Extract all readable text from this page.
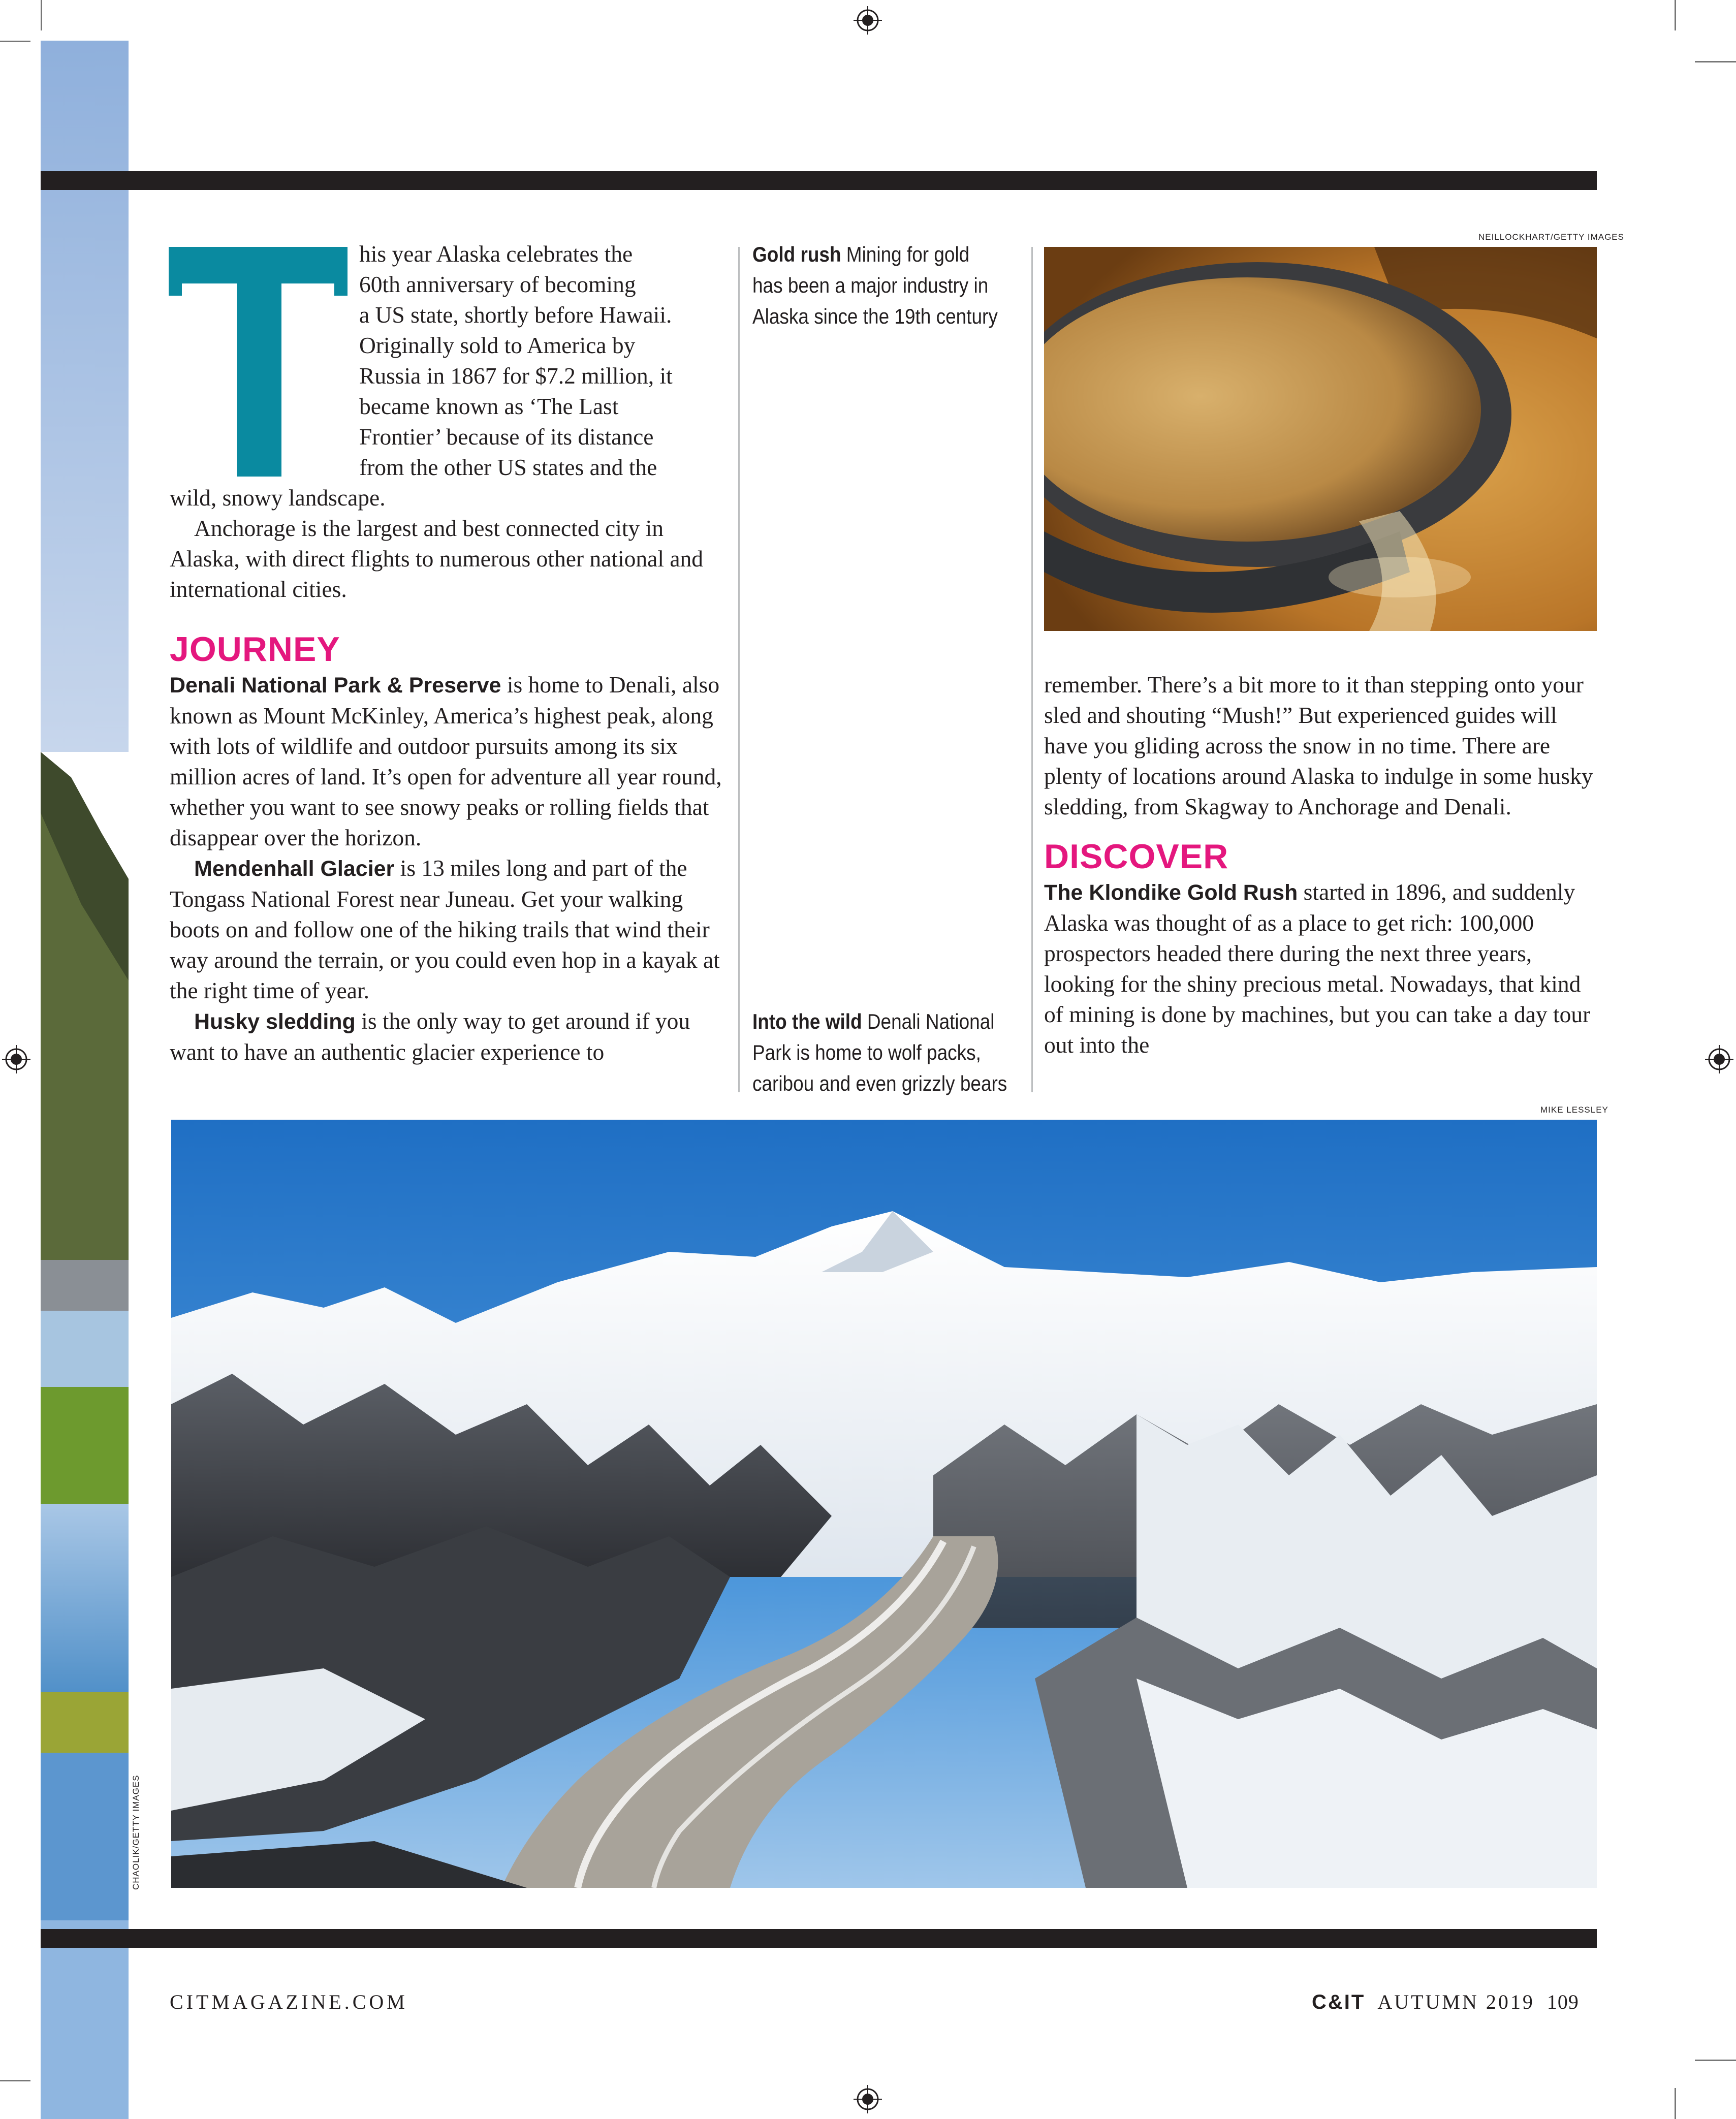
CHAOLIK/GETTY IMAGES

his year Alaska celebrates the

60th anniversary of becoming

a US state, shortly before Hawaii.

Originally sold to America by

Russia in 1867 for $7.2 million, it

became known as ‘The Last

Frontier’ because of its distance

from the other US states and the

wild, snowy landscape.

Anchorage is the largest and best connected city in Alaska, with direct flights to numerous other national and international cities.

JOURNEY

Denali National Park & Preserve is home to Denali, also known as Mount McKinley, America’s highest peak, along with lots of wildlife and outdoor pursuits among its six million acres of land. It’s open for adventure all year round, whether you want to see snowy peaks or rolling fields that disappear over the horizon.

Mendenhall Glacier is 13 miles long and part of the Tongass National Forest near Juneau. Get your walking boots on and follow one of the hiking trails that wind their way around the terrain, or you could even hop in a kayak at the right time of year.

Husky sledding is the only way to get around if you want to have an authentic glacier experience to

Gold rush Mining for gold
has been a major industry in
Alaska since the 19th century
Into the wild Denali National
Park is home to wolf packs,
caribou and even grizzly bears
NEILLOCKHART/GETTY IMAGES

remember. There’s a bit more to it than stepping onto your sled and shouting “Mush!” But experienced guides will have you gliding across the snow in no time. There are plenty of locations around Alaska to indulge in some husky sledding, from Skagway to Anchorage and Denali.

DISCOVER

The Klondike Gold Rush started in 1896, and suddenly Alaska was thought of as a place to get rich: 100,000 prospectors headed there during the next three years, looking for the shiny precious metal. Nowadays, that kind of mining is done by machines, but you can take a day tour out into the

MIKE LESSLEY
CITMAGAZINE.COM	C&IT AUTUMN 2019 109
